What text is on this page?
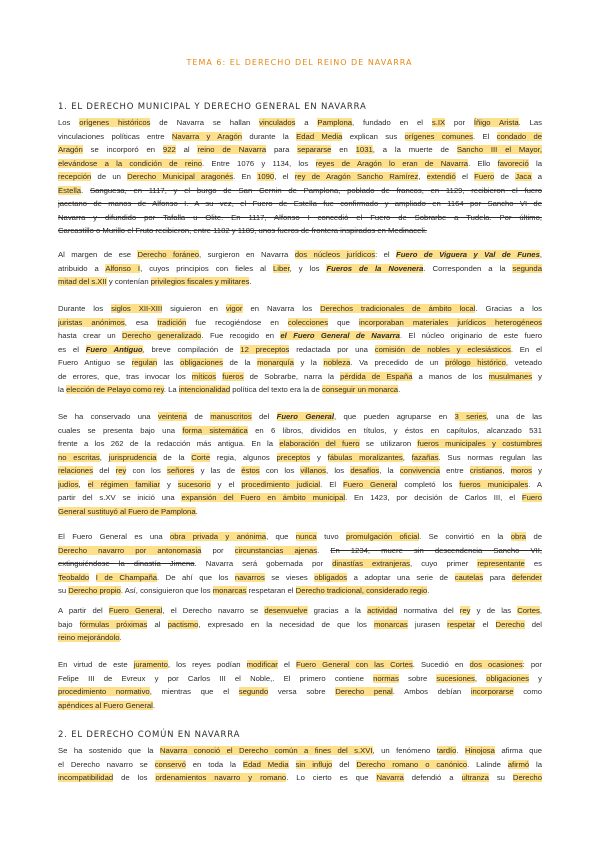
TEMA 6: EL DERECHO DEL REINO DE NAVARRA
1. EL DERECHO MUNICIPAL Y DERECHO GENERAL EN NAVARRA
2. EL DERECHO COMÚN EN NAVARRA
Los orígenes históricos de Navarra se hallan vinculados a Pamplona, fundado en el s.IX por Íñigo Arista. Las
vinculaciones políticas entre Navarra y Aragón durante la Edad Media explican sus orígenes comunes. El condado de
Aragón se incorporó en 922 al reino de Navarra para separarse en 1031, a la muerte de Sancho III el Mayor,
elevándose a la condición de reino. Entre 1076 y 1134, los reyes de Aragón lo eran de Navarra. Ello favoreció la
recepción de un Derecho Municipal aragonés. En 1090, el rey de Aragón Sancho Ramírez, extendió el Fuero de Jaca a
Estella. Sanguesa, en 1117, y el burgo de San Cernin de Pamplona, poblado de francos, en 1129, recibieron el fuero
jacetano de manos de Alfonso I. A su vez, el Fuero de Estella fue confirmado y ampliado en 1164 por Sancho VI de
Navarra y difundido por Tafalla u Olite. En 1117, Alfonso I concedió el Fuero de Sobrarbe a Tudela. Por último,
Carcastillo o Murillo el Fruto recibieron, entre 1182 y 1189, unos fueros de frontera inspirados en Medinaceli.
Al margen de ese Derecho foráneo, surgieron en Navarra dos núcleos jurídicos: el Fuero de Viguera y Val de Funes,
atribuido a Alfonso I, cuyos principios con fieles al Liber, y los Fueros de la Novenera. Corresponden a la segunda
mitad del s.XII y contenían privilegios fiscales y militares.
Durante los siglos XII-XIII siguieron en vigor en Navarra los Derechos tradicionales de ámbito local. Gracias a los
juristas anónimos, esa tradición fue recogiéndose en colecciones que incorporaban materiales jurídicos heterogéneos
hasta crear un Derecho generalizado. Fue recogido en el Fuero General de Navarra. El núcleo originario de este fuero
es el Fuero Antiguo, breve compilación de 12 preceptos redactada por una comisión de nobles y eclesiásticos. En el
Fuero Antiguo se regulan las obligaciones de la monarquía y la nobleza. Va precedido de un prólogo histórico, veteado
de errores, que, tras invocar los míticos fueros de Sobrarbe, narra la pérdida de España a manos de los musulmanes y
la elección de Pelayo como rey. La intencionalidad política del texto era la de conseguir un monarca.
Se ha conservado una veintena de manuscritos del Fuero General, que pueden agruparse en 3 series, una de las
cuales se presenta bajo una forma sistemática en 6 libros, divididos en títulos, y éstos en capítulos, alcanzado 531
frente a los 262 de la redacción más antigua. En la elaboración del fuero se utilizaron fueros municipales y costumbres
no escritas, jurisprudencia de la Corte regia, algunos preceptos y fábulas moralizantes, fazañas. Sus normas regulan las
relaciones del rey con los señores y las de éstos con los villanos, los desafíos, la convivencia entre cristianos, moros y
judíos, el régimen familiar y sucesorio y el procedimiento judicial. El Fuero General completó los fueros municipales. A
partir del s.XV se inició una expansión del Fuero en ámbito municipal. En 1423, por decisión de Carlos III, el Fuero
General sustituyó al Fuero de Pamplona.
El Fuero General es una obra privada y anónima, que nunca tuvo promulgación oficial. Se convirtió en la obra de
Derecho navarro por antonomasia por circunstancias ajenas. En 1234, muere sin descendencia Sancho VII,
extinguiéndose la dinastía Jimena. Navarra será gobernada por dinastías extranjeras, cuyo primer representante es
Teobaldo I de Champaña. De ahí que los navarros se vieses obligados a adoptar una serie de cautelas para defender
su Derecho propio. Así, consiguieron que los monarcas respetaran el Derecho tradicional, considerado regio.
A partir del Fuero General, el Derecho navarro se desenvuelve gracias a la actividad normativa del rey y de las Cortes,
bajo fórmulas próximas al pactismo, expresado en la necesidad de que los monarcas jurasen respetar el Derecho del
reino mejorándolo.
En virtud de este juramento, los reyes podían modificar el Fuero General con las Cortes. Sucedió en dos ocasiones: por
Felipe III de Evreux y por Carlos III el Noble,. El primero contiene normas sobre sucesiones, obligaciones y
procedimiento normativo, mientras que el segundo versa sobre Derecho penal. Ambos debían incorporarse como
apéndices al Fuero General.
Se ha sostenido que la Navarra conoció el Derecho común a fines del s.XVI, un fenómeno tardío. Hinojosa afirma que
el Derecho navarro se conservó en toda la Edad Media sin influjo del Derecho romano o canónico. Lalinde afirmó la
incompatibilidad de los ordenamientos navarro y romano. Lo cierto es que Navarra defendió a ultranza su Derecho
